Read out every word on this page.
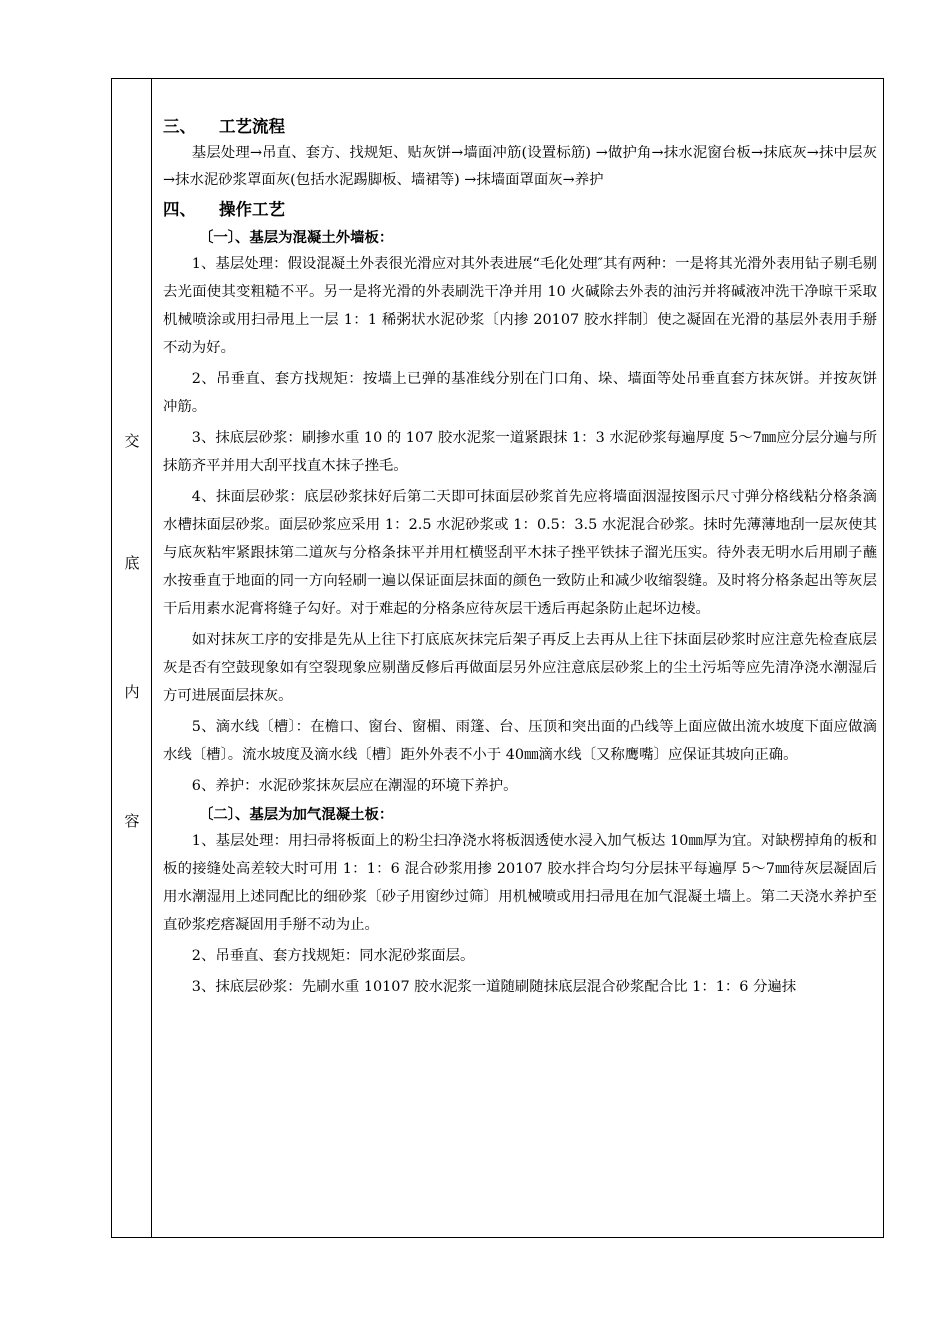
交
底
内
容

三、 工艺流程

基层处理→吊直、套方、找规矩、贴灰饼→墙面冲筋(设置标筋) →做护角→抹水泥窗台板→抹底灰→抹中层灰→抹水泥砂浆罩面灰(包括水泥踢脚板、墙裙等) →抹墙面罩面灰→养护

四、 操作工艺

〔一〕、基层为混凝土外墙板：

1、基层处理：假设混凝土外表很光滑应对其外表进展“毛化处理″其有两种：一是将其光滑外表用钻子剔毛剔去光面使其变粗糙不平。另一是将光滑的外表刷洗干净并用 10 火碱除去外表的油污并将碱液冲洗干净晾干采取机械喷涂或用扫帚甩上一层 1：1 稀粥状水泥砂浆〔内掺 20107 胶水拌制〕使之凝固在光滑的基层外表用手掰不动为好。

2、吊垂直、套方找规矩：按墙上已弹的基准线分别在门口角、垛、墙面等处吊垂直套方抹灰饼。并按灰饼冲筋。

3、抹底层砂浆：刷掺水重 10 的 107 胶水泥浆一道紧跟抹 1：3 水泥砂浆每遍厚度 5～7㎜应分层分遍与所抹筋齐平并用大刮平找直木抹子挫毛。

4、抹面层砂浆：底层砂浆抹好后第二天即可抹面层砂浆首先应将墙面洇湿按图示尺寸弹分格线粘分格条滴水槽抹面层砂浆。面层砂浆应采用 1：2.5 水泥砂浆或 1：0.5：3.5 水泥混合砂浆。抹时先薄薄地刮一层灰使其与底灰粘牢紧跟抹第二道灰与分格条抹平并用杠横竖刮平木抹子挫平铁抹子溜光压实。待外表无明水后用刷子蘸水按垂直于地面的同一方向轻刷一遍以保证面层抹面的颜色一致防止和减少收缩裂缝。及时将分格条起出等灰层干后用素水泥膏将缝子勾好。对于难起的分格条应待灰层干透后再起条防止起坏边棱。

如对抹灰工序的安排是先从上往下打底底灰抹完后架子再反上去再从上往下抹面层砂浆时应注意先检查底层灰是否有空鼓现象如有空裂现象应剔凿反修后再做面层另外应注意底层砂浆上的尘土污垢等应先清净浇水潮湿后方可进展面层抹灰。

5、滴水线〔槽〕：在檐口、窗台、窗楣、雨篷、台、压顶和突出面的凸线等上面应做出流水坡度下面应做滴水线〔槽〕。流水坡度及滴水线〔槽〕距外外表不小于 40㎜滴水线〔又称鹰嘴〕应保证其坡向正确。

6、养护：水泥砂浆抹灰层应在潮湿的环境下养护。

〔二〕、基层为加气混凝土板：

1、基层处理：用扫帚将板面上的粉尘扫净浇水将板洇透使水浸入加气板达 10㎜厚为宜。对缺楞掉角的板和板的接缝处高差较大时可用 1：1：6 混合砂浆用掺 20107 胶水拌合均匀分层抹平每遍厚 5～7㎜待灰层凝固后用水潮湿用上述同配比的细砂浆〔砂子用窗纱过筛〕用机械喷或用扫帚甩在加气混凝土墙上。第二天浇水养护至直砂浆疙瘩凝固用手掰不动为止。

2、吊垂直、套方找规矩：同水泥砂浆面层。

3、抹底层砂浆：先刷水重 10107 胶水泥浆一道随刷随抹底层混合砂浆配合比 1：1：6 分遍抹
